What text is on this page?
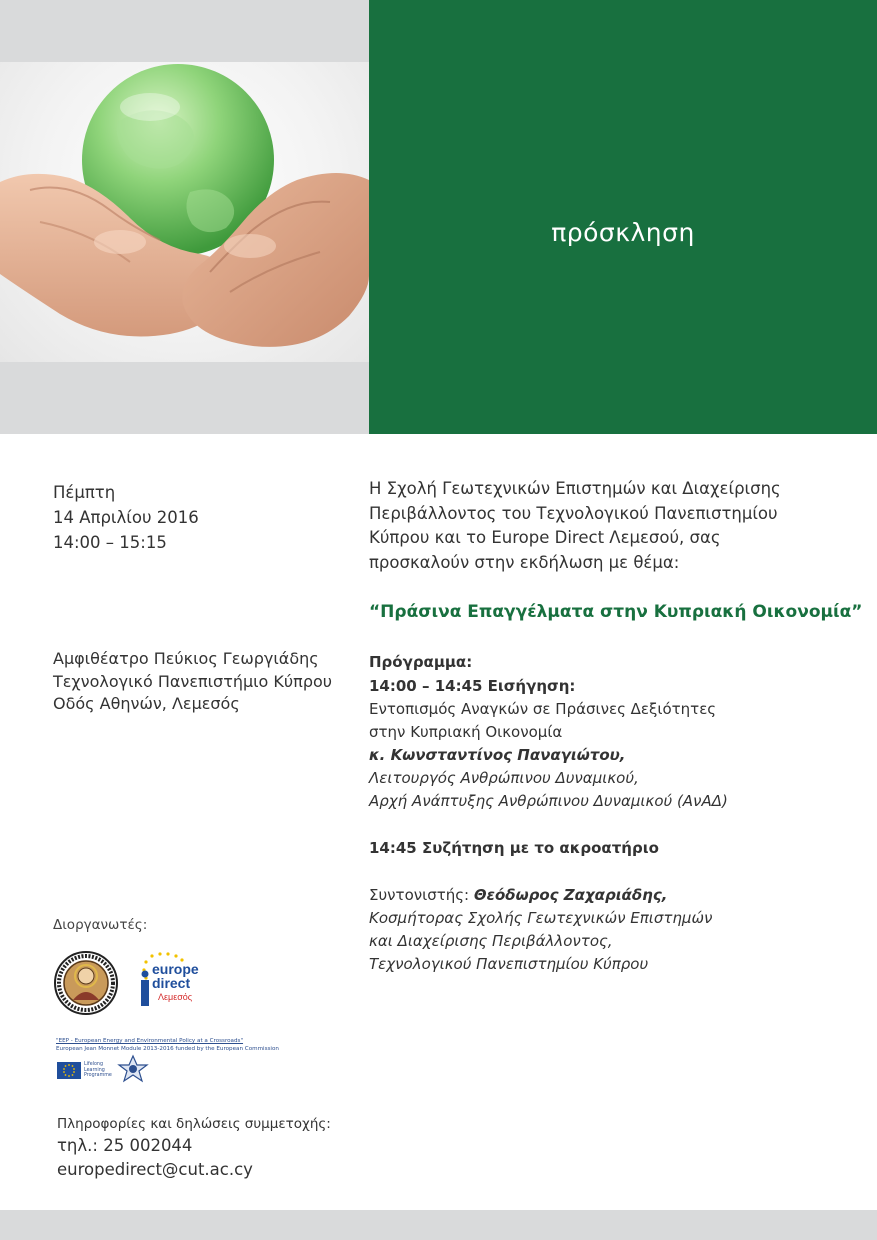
πρόσκληση
Πέμπτη
14 Απριλίου 2016
14:00 – 15:15
Αμφιθέατρο Πεύκιος Γεωργιάδης
Τεχνολογικό Πανεπιστήμιο Κύπρου
Οδός Αθηνών, Λεμεσός
Διοργανωτές:
europe
direct
Λεμεσός
"EEP - European Energy and Environmental Policy at a Crossroads"
European Jean Monnet Module 2013-2016 funded by the European Commission
Lifelong
Learning
Programme
Πληροφορίες και δηλώσεις συμμετοχής:
τηλ.: 25 002044
europedirect@cut.ac.cy
Η Σχολή Γεωτεχνικών Επιστημών και Διαχείρισης
Περιβάλλοντος του Τεχνολογικού Πανεπιστημίου
Κύπρου και το Europe Direct Λεμεσού, σας
προσκαλούν στην εκδήλωση με θέμα:
“Πράσινα Επαγγέλματα στην Κυπριακή Οικονομία”
Πρόγραμμα:
14:00 – 14:45 Εισήγηση:
Εντοπισμός Αναγκών σε Πράσινες Δεξιότητες
στην Κυπριακή Οικονομία
κ. Κωνσταντίνος Παναγιώτου,
Λειτουργός Ανθρώπινου Δυναμικού,
Αρχή Ανάπτυξης Ανθρώπινου Δυναμικού (ΑνΑΔ)
14:45 Συζήτηση με το ακροατήριο
Συντονιστής: Θεόδωρος Ζαχαριάδης,
Κοσμήτορας Σχολής Γεωτεχνικών Επιστημών
και Διαχείρισης Περιβάλλοντος,
Τεχνολογικού Πανεπιστημίου Κύπρου
